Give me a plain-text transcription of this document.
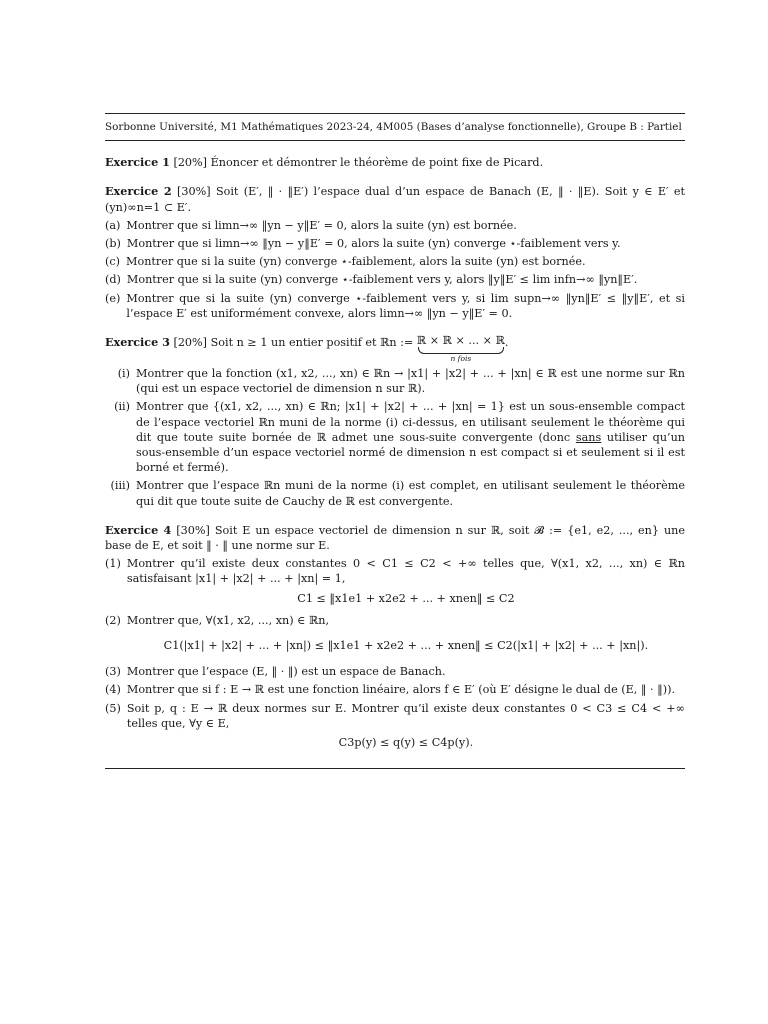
Sorbonne Université, M1 Mathématiques 2023-24, 4M005 (Bases d’analyse fonctionnelle), Groupe B : Partiel
Exercice 1 [20%] Énoncer et démontrer le théorème de point fixe de Picard.
Exercice 2 [30%] Soit (E′, ‖ · ‖E′) l’espace dual d’un espace de Banach (E, ‖ · ‖E). Soit y ∈ E′ et (yn)∞n=1 ⊂ E′.
(a) Montrer que si limn→∞ ‖yn − y‖E′ = 0, alors la suite (yn) est bornée.
(b) Montrer que si limn→∞ ‖yn − y‖E′ = 0, alors la suite (yn) converge ⋆-faiblement vers y.
(c) Montrer que si la suite (yn) converge ⋆-faiblement, alors la suite (yn) est bornée.
(d) Montrer que si la suite (yn) converge ⋆-faiblement vers y, alors ‖y‖E′ ≤ lim infn→∞ ‖yn‖E′.
(e) Montrer que si la suite (yn) converge ⋆-faiblement vers y, si lim supn→∞ ‖yn‖E′ ≤ ‖y‖E′, et si l’espace E′ est uniformément convexe, alors limn→∞ ‖yn − y‖E′ = 0.
Exercice 3 [20%] Soit n ≥ 1 un entier positif et ℝn := ℝ × ℝ × ... × ℝ
n fois
.
(i) Montrer que la fonction (x1, x2, ..., xn) ∈ ℝn → |x1| + |x2| + ... + |xn| ∈ ℝ est une norme sur ℝn (qui est un espace vectoriel de dimension n sur ℝ).
(ii) Montrer que {(x1, x2, ..., xn) ∈ ℝn; |x1| + |x2| + ... + |xn| = 1} est un sous-ensemble compact de l’espace vectoriel ℝn muni de la norme (i) ci-dessus, en utilisant seulement le théorème qui dit que toute suite bornée de ℝ admet une sous-suite convergente (donc sans utiliser qu’un sous-ensemble d’un espace vectoriel normé de dimension n est compact si et seulement si il est borné et fermé).
(iii) Montrer que l’espace ℝn muni de la norme (i) est complet, en utilisant seulement le théorème qui dit que toute suite de Cauchy de ℝ est convergente.
Exercice 4 [30%] Soit E un espace vectoriel de dimension n sur ℝ, soit 𝓑 := {e1, e2, ..., en} une base de E, et soit ‖ · ‖ une norme sur E.
(1) Montrer qu’il existe deux constantes 0 < C1 ≤ C2 < +∞ telles que, ∀(x1, x2, ..., xn) ∈ ℝn satisfaisant |x1| + |x2| + ... + |xn| = 1,
C1 ≤ ‖x1e1 + x2e2 + ... + xnen‖ ≤ C2
(2) Montrer que, ∀(x1, x2, ..., xn) ∈ ℝn,
C1(|x1| + |x2| + ... + |xn|) ≤ ‖x1e1 + x2e2 + ... + xnen‖ ≤ C2(|x1| + |x2| + ... + |xn|).
(3) Montrer que l’espace (E, ‖ · ‖) est un espace de Banach.
(4) Montrer que si f : E → ℝ est une fonction linéaire, alors f ∈ E′ (où E′ désigne le dual de (E, ‖ · ‖)).
(5) Soit p, q : E → ℝ deux normes sur E. Montrer qu’il existe deux constantes 0 < C3 ≤ C4 < +∞ telles que, ∀y ∈ E,
C3p(y) ≤ q(y) ≤ C4p(y).
